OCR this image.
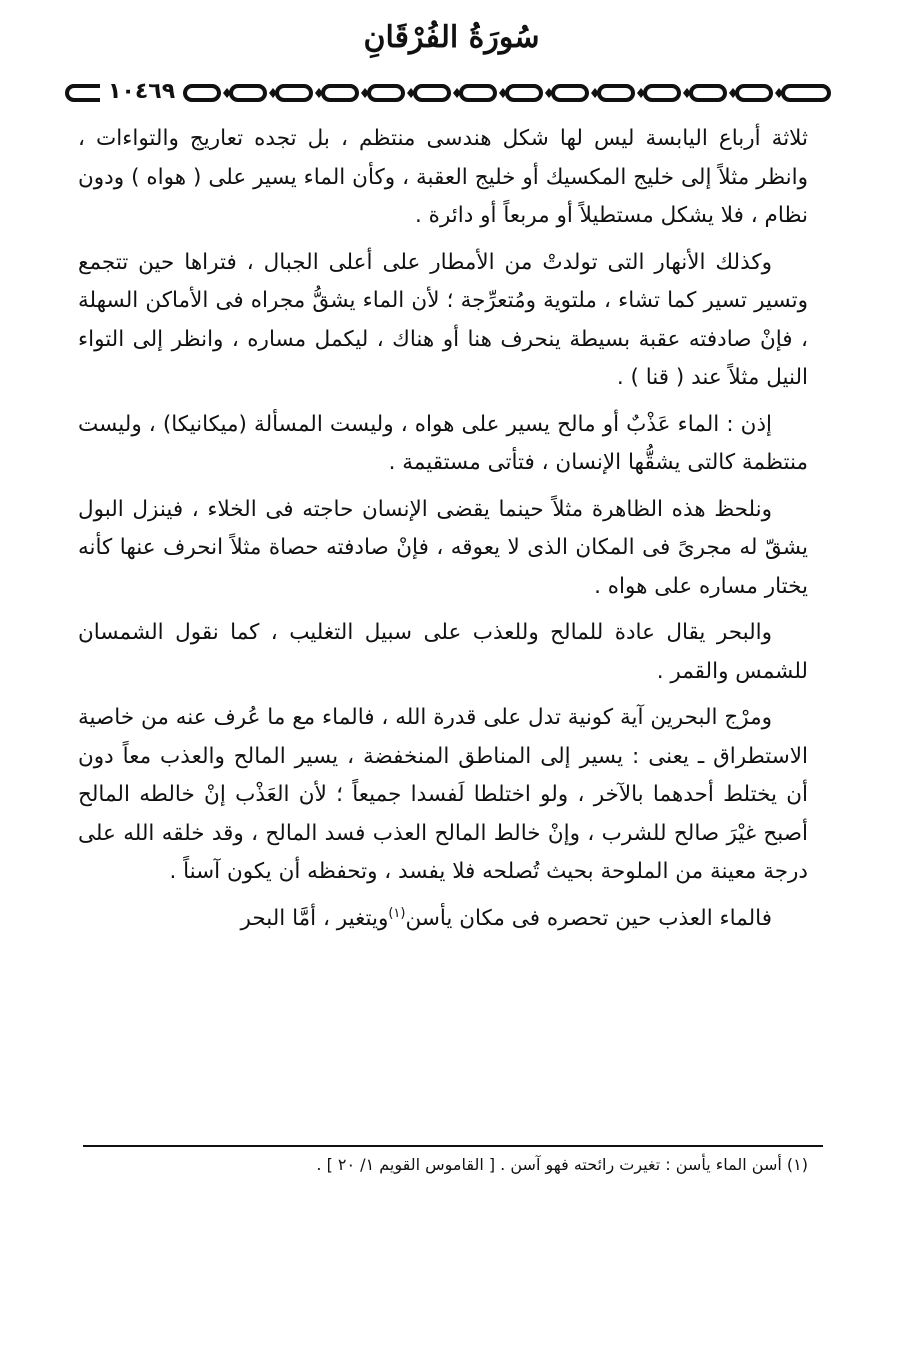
سُورَةُ الفُرْقَانِ
١٠٤٦٩

ثلاثة أرباع اليابسة ليس لها شكل هندسى منتظم ، بل تجده تعاريج والتواءات ، وانظر مثلاً إلى خليج المكسيك أو خليج العقبة ، وكأن الماء يسير على ( هواه ) ودون نظام ، فلا يشكل مستطيلاً أو مربعاً أو دائرة .

وكذلك الأنهار التى تولدتْ من الأمطار على أعلى الجبال ، فتراها حين تتجمع وتسير تسير كما تشاء ، ملتوية ومُتعرِّجة ؛ لأن الماء يشقُّ مجراه فى الأماكن السهلة ، فإنْ صادفته عقبة بسيطة ينحرف هنا أو هناك ، ليكمل مساره ، وانظر إلى التواء النيل مثلاً عند ( قنا ) .

إذن : الماء عَذْبٌ أو مالح يسير على هواه ، وليست المسألة (ميكانيكا) ، وليست منتظمة كالتى يشقُّها الإنسان ، فتأتى مستقيمة .

ونلحظ هذه الظاهرة مثلاً حينما يقضى الإنسان حاجته فى الخلاء ، فينزل البول يشقّ له مجرىً فى المكان الذى لا يعوقه ، فإنْ صادفته حصاة مثلاً انحرف عنها كأنه يختار مساره على هواه .

والبحر يقال عادة للمالح وللعذب على سبيل التغليب ، كما نقول الشمسان للشمس والقمر .

ومرْج البحرين آية كونية تدل على قدرة الله ، فالماء مع ما عُرف عنه من خاصية الاستطراق ـ يعنى : يسير إلى المناطق المنخفضة ، يسير المالح والعذب معاً دون أن يختلط أحدهما بالآخر ، ولو اختلطا لَفسدا جميعاً ؛ لأن العَذْب إنْ خالطه المالح أصبح غيْرَ صالح للشرب ، وإنْ خالط المالح العذب فسد المالح ، وقد خلقه الله على درجة معينة من الملوحة بحيث تُصلحه فلا يفسد ، وتحفظه أن يكون آسناً .

فالماء العذب حين تحصره فى مكان يأسن$^{(١)}$ويتغير ، أمَّا البحر

(١) أسن الماء يأسن : تغيرت رائحته فهو آسن . [ القاموس القويم ١/ ٢٠ ] .
